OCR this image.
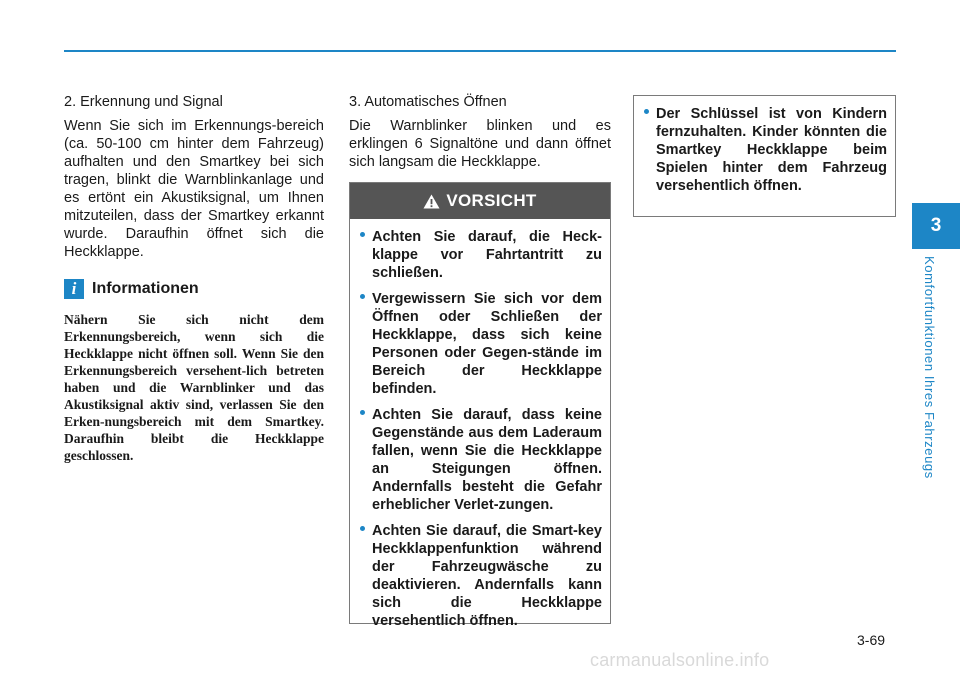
2. Erkennung und Signal

Wenn Sie sich im Erkennungs-bereich (ca. 50-100 cm hinter dem Fahrzeug) aufhalten und den Smartkey bei sich tragen, blinkt die Warnblinkanlage und es ertönt ein Akustiksignal, um Ihnen mitzuteilen, dass der Smartkey erkannt wurde. Daraufhin öffnet sich die Heckklappe.

i Informationen

Nähern Sie sich nicht dem Erkennungsbereich, wenn sich die Heckklappe nicht öffnen soll. Wenn Sie den Erkennungsbereich versehent-lich betreten haben und die Warnblinker und das Akustiksignal aktiv sind, verlassen Sie den Erken-nungsbereich mit dem Smartkey. Daraufhin bleibt die Heckklappe geschlossen.

3. Automatisches Öffnen

Die Warnblinker blinken und es erklingen 6 Signaltöne und dann öffnet sich langsam die Heckklappe.

VORSICHT
Achten Sie darauf, die Heck-klappe vor Fahrtantritt zu schließen.
Vergewissern Sie sich vor dem Öffnen oder Schließen der Heckklappe, dass sich keine Personen oder Gegen-stände im Bereich der Heckklappe befinden.
Achten Sie darauf, dass keine Gegenstände aus dem Laderaum fallen, wenn Sie die Heckklappe an Steigungen öffnen. Andernfalls besteht die Gefahr erheblicher Verlet-zungen.
Achten Sie darauf, die Smart-key Heckklappenfunktion während der Fahrzeugwäsche zu deaktivieren. Andernfalls kann sich die Heckklappe versehentlich öffnen.
Der Schlüssel ist von Kindern fernzuhalten. Kinder könnten die Smartkey Heckklappe beim Spielen hinter dem Fahrzeug versehentlich öffnen.
3
Komfortfunktionen Ihres Fahrzeugs
3-69
carmanualsonline.info
